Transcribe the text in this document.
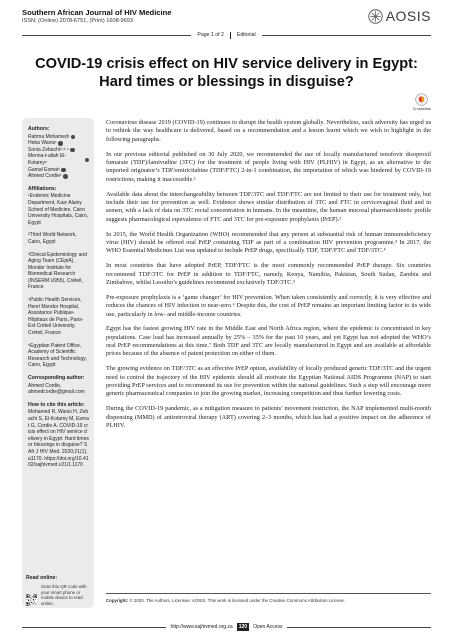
Southern African Journal of HIV Medicine
ISSN: (Online) 2078-6751, (Print) 1608-9693	AOSIS
Page 1 of 2	Editorial
COVID-19 crisis effect on HIV service delivery in Egypt: Hard times or blessings in disguise?
CrossMark
Authors:
Rahma Mohamed¹
Heba Wanis¹
Sonia Zebachi²·³·⁴
Menna-t-allah El-Kotamy⁵
Gamal Esmat¹
Ahmed Cordie¹
Affiliations:
¹Endemic Medicine Department, Kasr Alainy School of Medicine, Cairo University Hospitals, Cairo, Egypt
²Third World Network, Cairo, Egypt
³Clinical Epidemiology and Aging Team (CEpiA), Mondor Institute for Biomedical Research (INSERM U955), Créteil, France
⁴Public Health Services, Henri Mondor Hospital, Assistance Publique-Hôpitaux de Paris, Paris-Est Créteil University, Créteil, France
⁵Egyptian Patent Office, Academy of Scientific Research and Technology, Cairo, Egypt
Corresponding author:
Ahmed Cordie,
ahmedcordie@gmail.com
How to cite this article:
Mohamed R, Wanis H, Zebachi S, El-Kotamy M, Esmat G, Cordie A. COVID-19 crisis effect on HIV service delivery in Egypt: Hard times or blessings in disguise? S Afr J HIV Med. 2020;21(1), a1170. https://doi.org/10.4102/sajhivmed.v21i1.1170
Read online:
Scan this QR code with your smart phone or mobile device to read online.

Coronavirus disease 2019 (COVID-19) continues to disrupt the health system globally. Nevertheless, such adversity has urged us to rethink the way healthcare is delivered, based on a recommendation and a lesson learnt which we wish to highlight in the following paragraphs.

In our previous editorial published on 30 July 2020, we recommended the use of locally manufactured tenofovir disoproxil fumarate (TDF)/lamivudine (3TC) for the treatment of people living with HIV (PLHIV) in Egypt, as an alternative to the imported originator’s TDF/emtricitabine (TDF/FTC) 2-in-1 combination, the importation of which was hindered by COVID-19 restrictions, making it inaccessible.¹

Available data about the interchangeability between TDF/3TC and TDF/FTC are not limited to their use for treatment only, but include their use for prevention as well. Evidence shows similar distribution of 3TC and FTC in cervicovaginal fluid and in semen, with a lack of data on 3TC rectal concentration in humans. In the meantime, the human mucosal pharmacokinetic profile suggests pharmacological equivalence of FTC and 3TC for pre-exposure prophylaxis (PrEP).²

In 2015, the World Health Organization (WHO) recommended that any person at substantial risk of human immunodeficiency virus (HIV) should be offered oral PrEP containing TDF as part of a combination HIV prevention programme.³ In 2017, the WHO Essential Medicines List was updated to include PrEP drugs, specifically TDF, TDF/FTC and TDF/3TC.⁴

In most countries that have adopted PrEP, TDF/FTC is the most commonly recommended PrEP therapy. Six countries recommend TDF/3TC for PrEP in addition to TDF/FTC, namely, Kenya, Namibia, Pakistan, South Sudan, Zambia and Zimbabwe, whilst Lesotho’s guidelines recommend exclusively TDF/3TC.⁵

Pre-exposure prophylaxis is a ‘game changer’ for HIV prevention. When taken consistently and correctly, it is very effective and reduces the chances of HIV infection to near-zero.⁶ Despite this, the cost of PrEP remains an important limiting factor to its wide use, particularly in low- and middle-income countries.

Egypt has the fastest growing HIV rate in the Middle East and North Africa region, where the epidemic is concentrated in key populations. Case load has increased annually by 25% – 35% for the past 10 years, and yet Egypt has not adopted the WHO’s oral PrEP recommendations at this time.⁷ Both TDF and 3TC are locally manufactured in Egypt and are available at affordable prices because of the absence of patent protection on either of them.

The growing evidence on TDF/3TC as an effective PrEP option, availability of locally produced generic TDF/3TC and the urgent need to control the trajectory of the HIV epidemic should all motivate the Egyptian National AIDS Programme (NAP) to start providing PrEP services and to recommend its use for prevention within the national guidelines. Such a step will encourage more generic pharmaceutical companies to join the growing market, increasing competition and thus further lowering costs.

During the COVID-19 pandemic, as a mitigation measure to patients’ movement restriction, the NAP implemented multi-month dispensing (MMD) of antiretroviral therapy (ART) covering 2–3 months, which has had a positive impact on the adherence of PLHIV.

Copyright: © 2020. The Authors. Licensee: AOSIS. This work is licensed under the Creative Commons Attribution License.
http://www.sajhivmed.org.za	120	Open Access
